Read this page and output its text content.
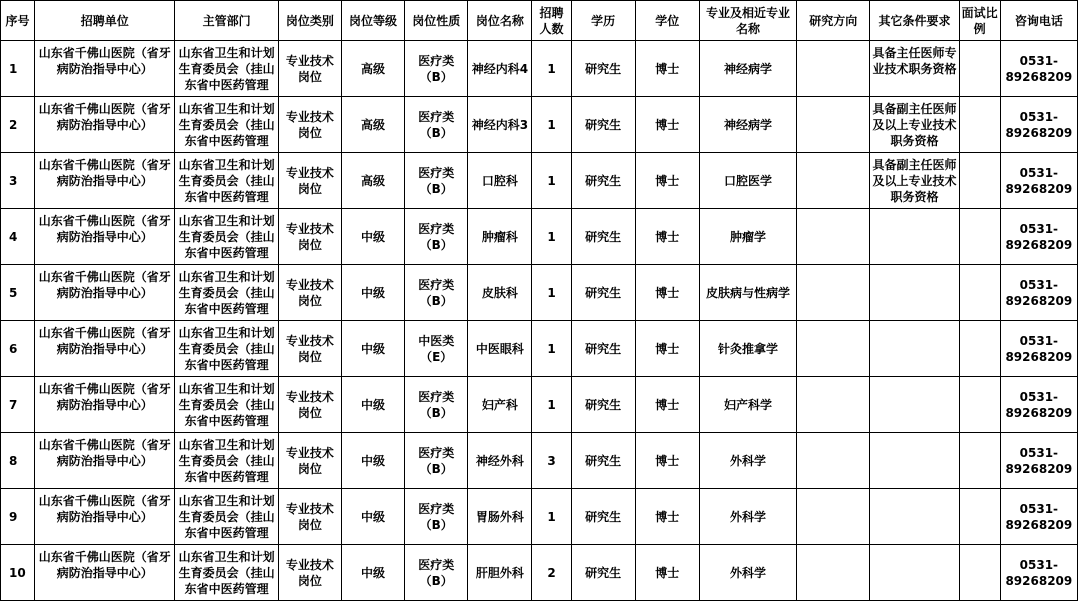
序号	招聘单位	主管部门	岗位类别	岗位等级	岗位性质	岗位名称	招聘人数	学历	学位	专业及相近专业名称	研究方向	其它条件要求	面试比例	咨询电话
1	山东省千佛山医院（省牙病防治指导中心）	山东省卫生和计划生育委员会（挂山东省中医药管理	专业技术岗位	高级	医疗类（B）	神经内科4	1	研究生	博士	神经病学		具备主任医师专业技术职务资格		0531-89268209
2	山东省千佛山医院（省牙病防治指导中心）	山东省卫生和计划生育委员会（挂山东省中医药管理	专业技术岗位	高级	医疗类（B）	神经内科3	1	研究生	博士	神经病学		具备副主任医师及以上专业技术职务资格		0531-89268209
3	山东省千佛山医院（省牙病防治指导中心）	山东省卫生和计划生育委员会（挂山东省中医药管理	专业技术岗位	高级	医疗类（B）	口腔科	1	研究生	博士	口腔医学		具备副主任医师及以上专业技术职务资格		0531-89268209
4	山东省千佛山医院（省牙病防治指导中心）	山东省卫生和计划生育委员会（挂山东省中医药管理	专业技术岗位	中级	医疗类（B）	肿瘤科	1	研究生	博士	肿瘤学				0531-89268209
5	山东省千佛山医院（省牙病防治指导中心）	山东省卫生和计划生育委员会（挂山东省中医药管理	专业技术岗位	中级	医疗类（B）	皮肤科	1	研究生	博士	皮肤病与性病学				0531-89268209
6	山东省千佛山医院（省牙病防治指导中心）	山东省卫生和计划生育委员会（挂山东省中医药管理	专业技术岗位	中级	中医类（E）	中医眼科	1	研究生	博士	针灸推拿学				0531-89268209
7	山东省千佛山医院（省牙病防治指导中心）	山东省卫生和计划生育委员会（挂山东省中医药管理	专业技术岗位	中级	医疗类（B）	妇产科	1	研究生	博士	妇产科学				0531-89268209
8	山东省千佛山医院（省牙病防治指导中心）	山东省卫生和计划生育委员会（挂山东省中医药管理	专业技术岗位	中级	医疗类（B）	神经外科	3	研究生	博士	外科学				0531-89268209
9	山东省千佛山医院（省牙病防治指导中心）	山东省卫生和计划生育委员会（挂山东省中医药管理	专业技术岗位	中级	医疗类（B）	胃肠外科	1	研究生	博士	外科学				0531-89268209
10	山东省千佛山医院（省牙病防治指导中心）	山东省卫生和计划生育委员会（挂山东省中医药管理	专业技术岗位	中级	医疗类（B）	肝胆外科	2	研究生	博士	外科学				0531-89268209
